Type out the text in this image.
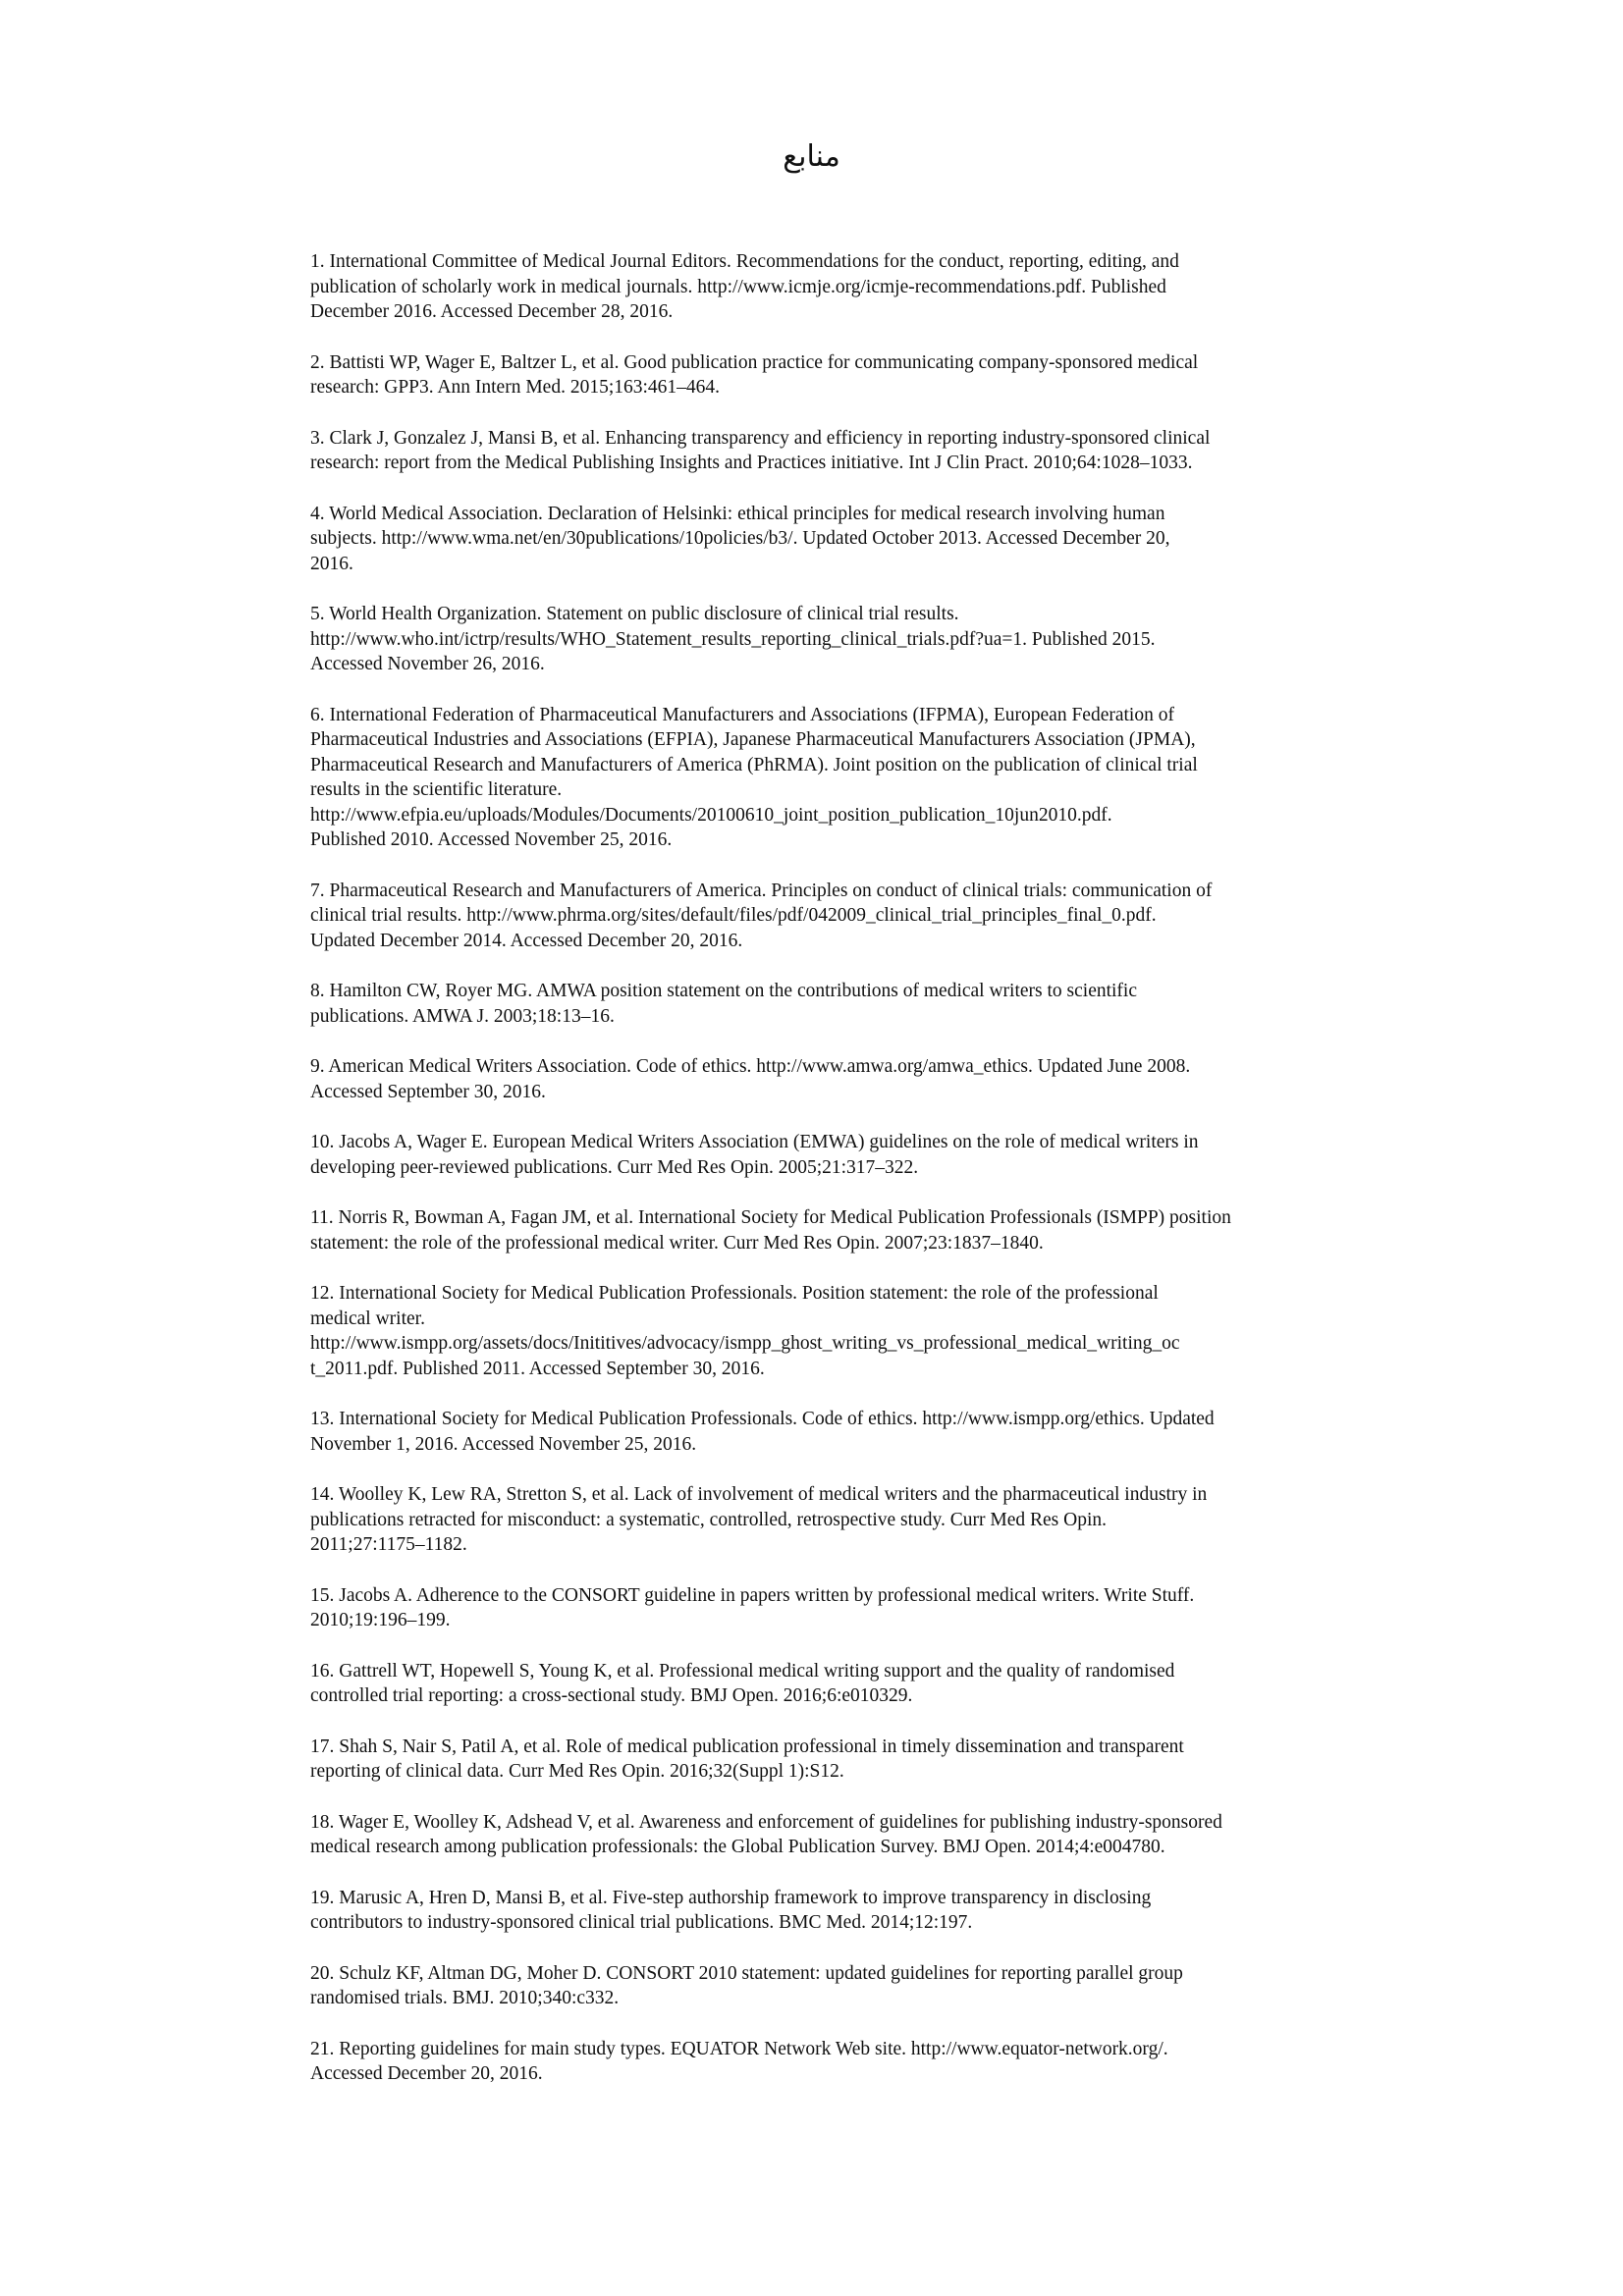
منابع
1. International Committee of Medical Journal Editors. Recommendations for the conduct, reporting, editing, and
publication of scholarly work in medical journals. http://www.icmje.org/icmje-recommendations.pdf. Published
December 2016. Accessed December 28, 2016.
2. Battisti WP, Wager E, Baltzer L, et al. Good publication practice for communicating company-sponsored medical
research: GPP3. Ann Intern Med. 2015;163:461–464.
3. Clark J, Gonzalez J, Mansi B, et al. Enhancing transparency and efficiency in reporting industry-sponsored clinical
research: report from the Medical Publishing Insights and Practices initiative. Int J Clin Pract. 2010;64:1028–1033.
4. World Medical Association. Declaration of Helsinki: ethical principles for medical research involving human
subjects. http://www.wma.net/en/30publications/10policies/b3/. Updated October 2013. Accessed December 20,
2016.
5. World Health Organization. Statement on public disclosure of clinical trial results.
http://www.who.int/ictrp/results/WHO_Statement_results_reporting_clinical_trials.pdf?ua=1. Published 2015.
Accessed November 26, 2016.
6. International Federation of Pharmaceutical Manufacturers and Associations (IFPMA), European Federation of
Pharmaceutical Industries and Associations (EFPIA), Japanese Pharmaceutical Manufacturers Association (JPMA),
Pharmaceutical Research and Manufacturers of America (PhRMA). Joint position on the publication of clinical trial
results in the scientific literature.
http://www.efpia.eu/uploads/Modules/Documents/20100610_joint_position_publication_10jun2010.pdf.
Published 2010. Accessed November 25, 2016.
7. Pharmaceutical Research and Manufacturers of America. Principles on conduct of clinical trials: communication of
clinical trial results. http://www.phrma.org/sites/default/files/pdf/042009_clinical_trial_principles_final_0.pdf.
Updated December 2014. Accessed December 20, 2016.
8. Hamilton CW, Royer MG. AMWA position statement on the contributions of medical writers to scientific
publications. AMWA J. 2003;18:13–16.
9. American Medical Writers Association. Code of ethics. http://www.amwa.org/amwa_ethics. Updated June 2008.
Accessed September 30, 2016.
10. Jacobs A, Wager E. European Medical Writers Association (EMWA) guidelines on the role of medical writers in
developing peer-reviewed publications. Curr Med Res Opin. 2005;21:317–322.
11. Norris R, Bowman A, Fagan JM, et al. International Society for Medical Publication Professionals (ISMPP) position
statement: the role of the professional medical writer. Curr Med Res Opin. 2007;23:1837–1840.
12. International Society for Medical Publication Professionals. Position statement: the role of the professional
medical writer.
http://www.ismpp.org/assets/docs/Inititives/advocacy/ismpp_ghost_writing_vs_professional_medical_writing_oc
t_2011.pdf. Published 2011. Accessed September 30, 2016.
13. International Society for Medical Publication Professionals. Code of ethics. http://www.ismpp.org/ethics. Updated
November 1, 2016. Accessed November 25, 2016.
14. Woolley K, Lew RA, Stretton S, et al. Lack of involvement of medical writers and the pharmaceutical industry in
publications retracted for misconduct: a systematic, controlled, retrospective study. Curr Med Res Opin.
2011;27:1175–1182.
15. Jacobs A. Adherence to the CONSORT guideline in papers written by professional medical writers. Write Stuff.
2010;19:196–199.
16. Gattrell WT, Hopewell S, Young K, et al. Professional medical writing support and the quality of randomised
controlled trial reporting: a cross-sectional study. BMJ Open. 2016;6:e010329.
17. Shah S, Nair S, Patil A, et al. Role of medical publication professional in timely dissemination and transparent
reporting of clinical data. Curr Med Res Opin. 2016;32(Suppl 1):S12.
18. Wager E, Woolley K, Adshead V, et al. Awareness and enforcement of guidelines for publishing industry-sponsored
medical research among publication professionals: the Global Publication Survey. BMJ Open. 2014;4:e004780.
19. Marusic A, Hren D, Mansi B, et al. Five-step authorship framework to improve transparency in disclosing
contributors to industry-sponsored clinical trial publications. BMC Med. 2014;12:197.
20. Schulz KF, Altman DG, Moher D. CONSORT 2010 statement: updated guidelines for reporting parallel group
randomised trials. BMJ. 2010;340:c332.
21. Reporting guidelines for main study types. EQUATOR Network Web site. http://www.equator-network.org/.
Accessed December 20, 2016.
